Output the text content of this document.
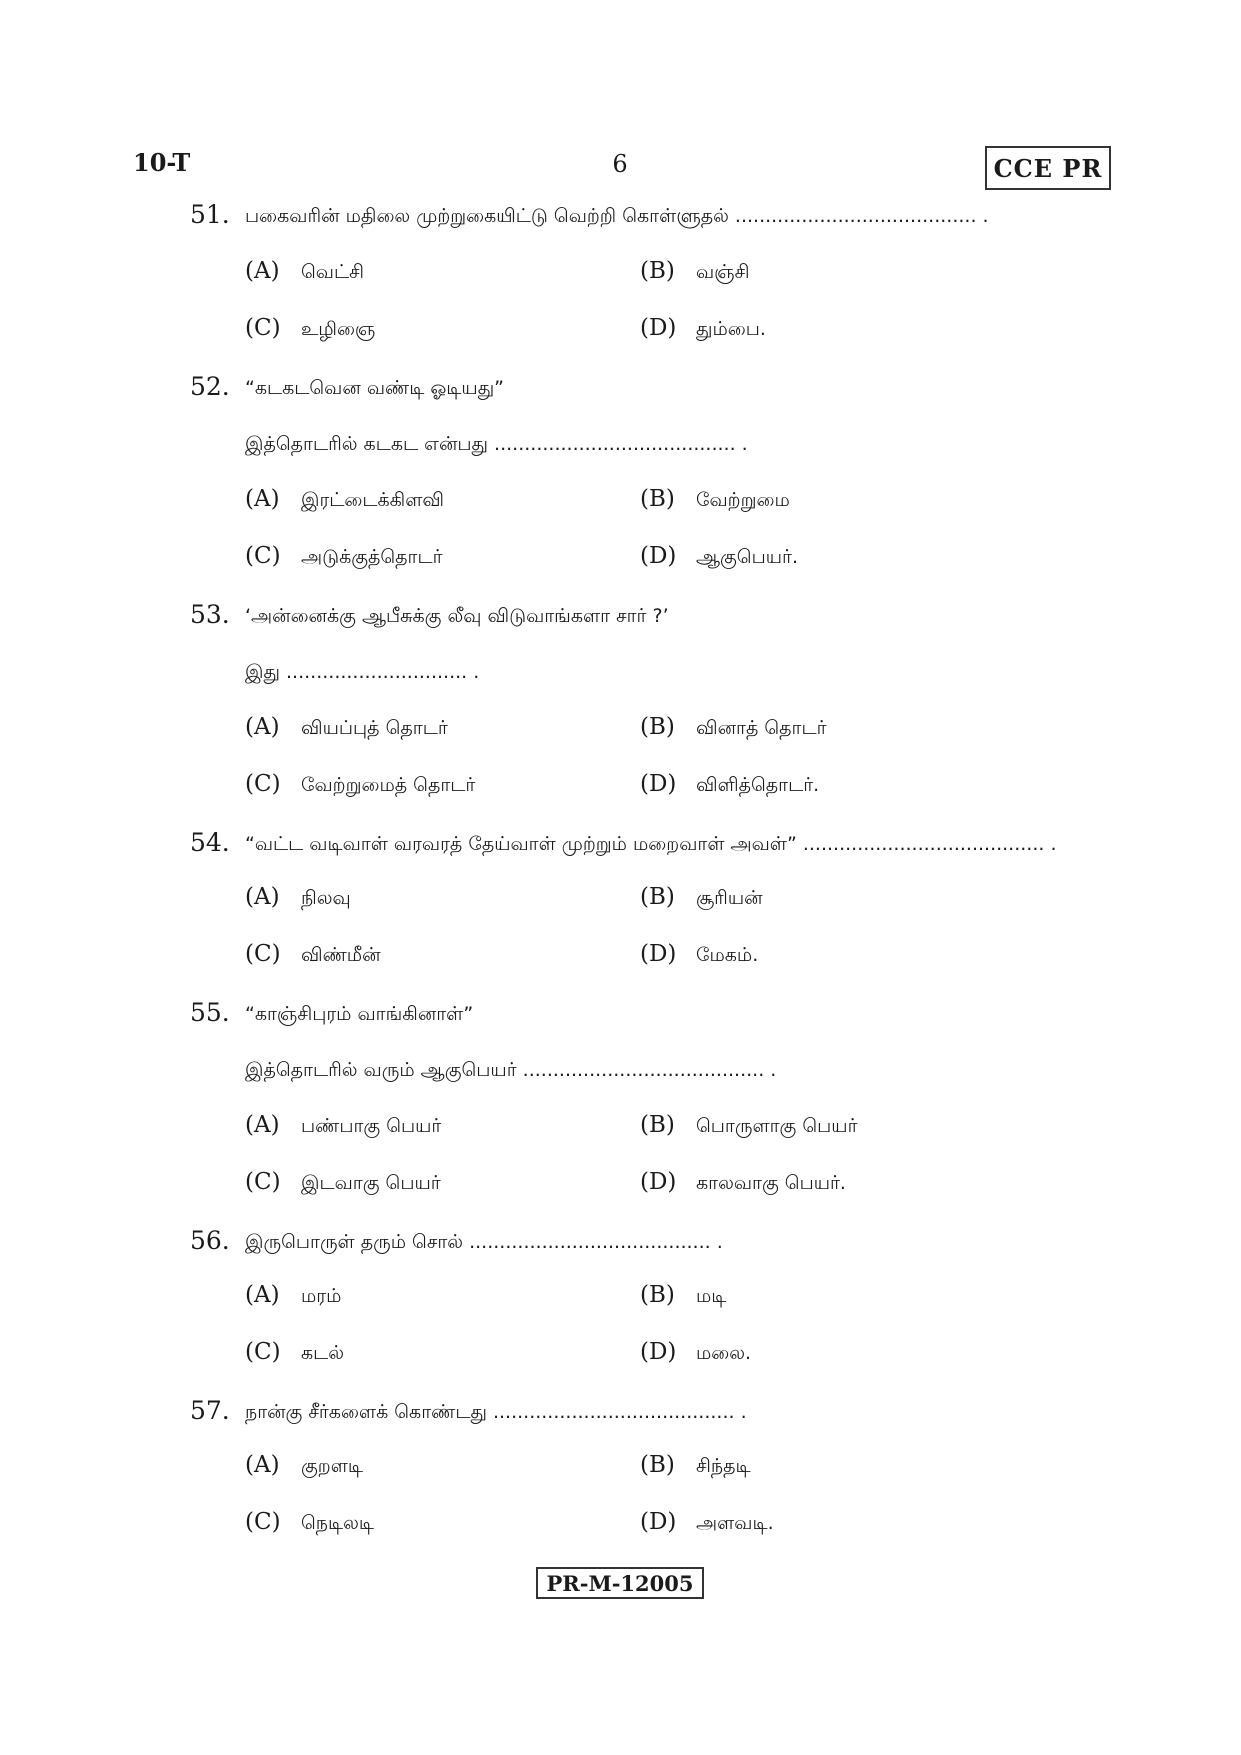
10-T	6	CCE PR
51. பகைவரின் மதிலை முற்றுகையிட்டு வெற்றி கொள்ளுதல் ........................................ .
(A) வெட்சி	(B) வஞ்சி
(C) உழிஞை	(D) தும்பை.
52. “கடகடவென வண்டி ஓடியது”
இத்தொடரில் கடகட என்பது ........................................ .
(A) இரட்டைக்கிளவி	(B) வேற்றுமை
(C) அடுக்குத்தொடர்	(D) ஆகுபெயர்.
53. ‘அன்னைக்கு ஆபீசுக்கு லீவு விடுவாங்களா சார் ?’
இது .............................. .
(A) வியப்புத் தொடர்	(B) வினாத் தொடர்
(C) வேற்றுமைத் தொடர்	(D) விளித்தொடர்.
54. “வட்ட வடிவாள் வரவரத் தேய்வாள் முற்றும் மறைவாள் அவள்” ........................................ .
(A) நிலவு	(B) சூரியன்
(C) விண்மீன்	(D) மேகம்.
55. “காஞ்சிபுரம் வாங்கினாள்”
இத்தொடரில் வரும் ஆகுபெயர் ........................................ .
(A) பண்பாகு பெயர்	(B) பொருளாகு பெயர்
(C) இடவாகு பெயர்	(D) காலவாகு பெயர்.
56. இருபொருள் தரும் சொல் ........................................ .
(A) மரம்	(B) மடி
(C) கடல்	(D) மலை.
57. நான்கு சீர்களைக் கொண்டது ........................................ .
(A) குறளடி	(B) சிந்தடி
(C) நெடிலடி	(D) அளவடி.
PR-M-12005
